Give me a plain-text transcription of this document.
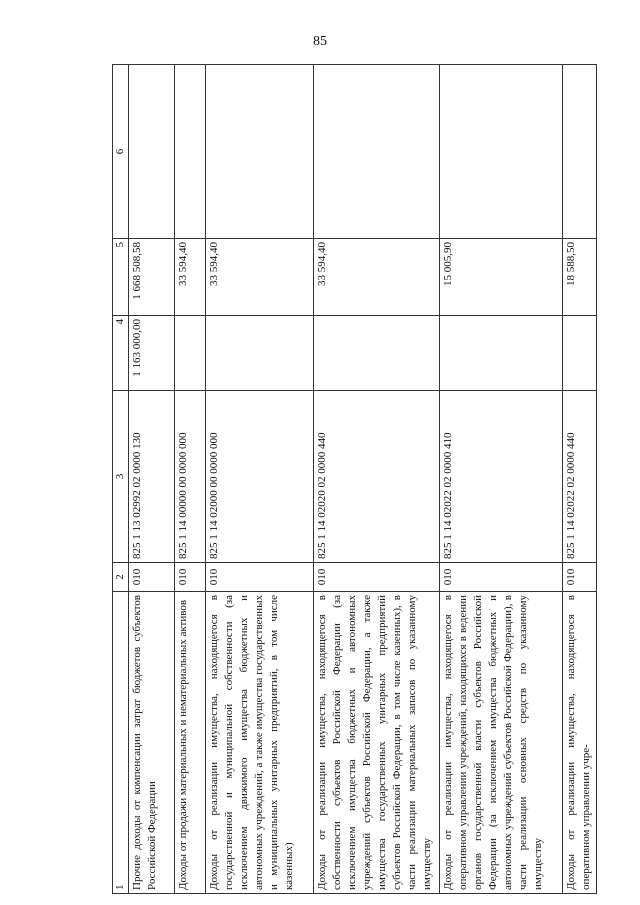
85
1	2	3	4	5	6
Прочие доходы от компенсации затрат бюджетов субъектов Российской Федерации	010	825 1 13 02992 02 0000 130	1 163 000,00	1 668 508,58	
Доходы от продажи материальных и нематериальных активов	010	825 1 14 00000 00 0000 000		33 594,40	
Доходы от реализации имущества, находящегося в государственной и муниципальной собственности (за исключением движимого имущества бюджетных и автономных учреждений, а также имущества государственных и муниципальных унитарных предприятий, в том числе казенных)	010	825 1 14 02000 00 0000 000		33 594,40	
Доходы от реализации имущества, находящегося в собственности субъектов Российской Федерации (за исключением имущества бюджетных и автономных учреждений субъектов Российской Федерации, а также имущества государственных унитарных предприятий субъектов Российской Федерации, в том числе казенных), в части реализации материальных запасов по указанному имуществу	010	825 1 14 02020 02 0000 440		33 594,40	
Доходы от реализации имущества, находящегося в оперативном управлении учреждений, находящихся в ведении органов государственной власти субъектов Российской Федерации (за исключением имущества бюджетных и автономных учреждений субъектов Российской Федерации), в части реализации основных средств по указанному имуществу	010	825 1 14 02022 02 0000 410		15 005,90	
Доходы от реализации имущества, находящегося в оперативном управлении учре-	010	825 1 14 02022 02 0000 440		18 588,50	
